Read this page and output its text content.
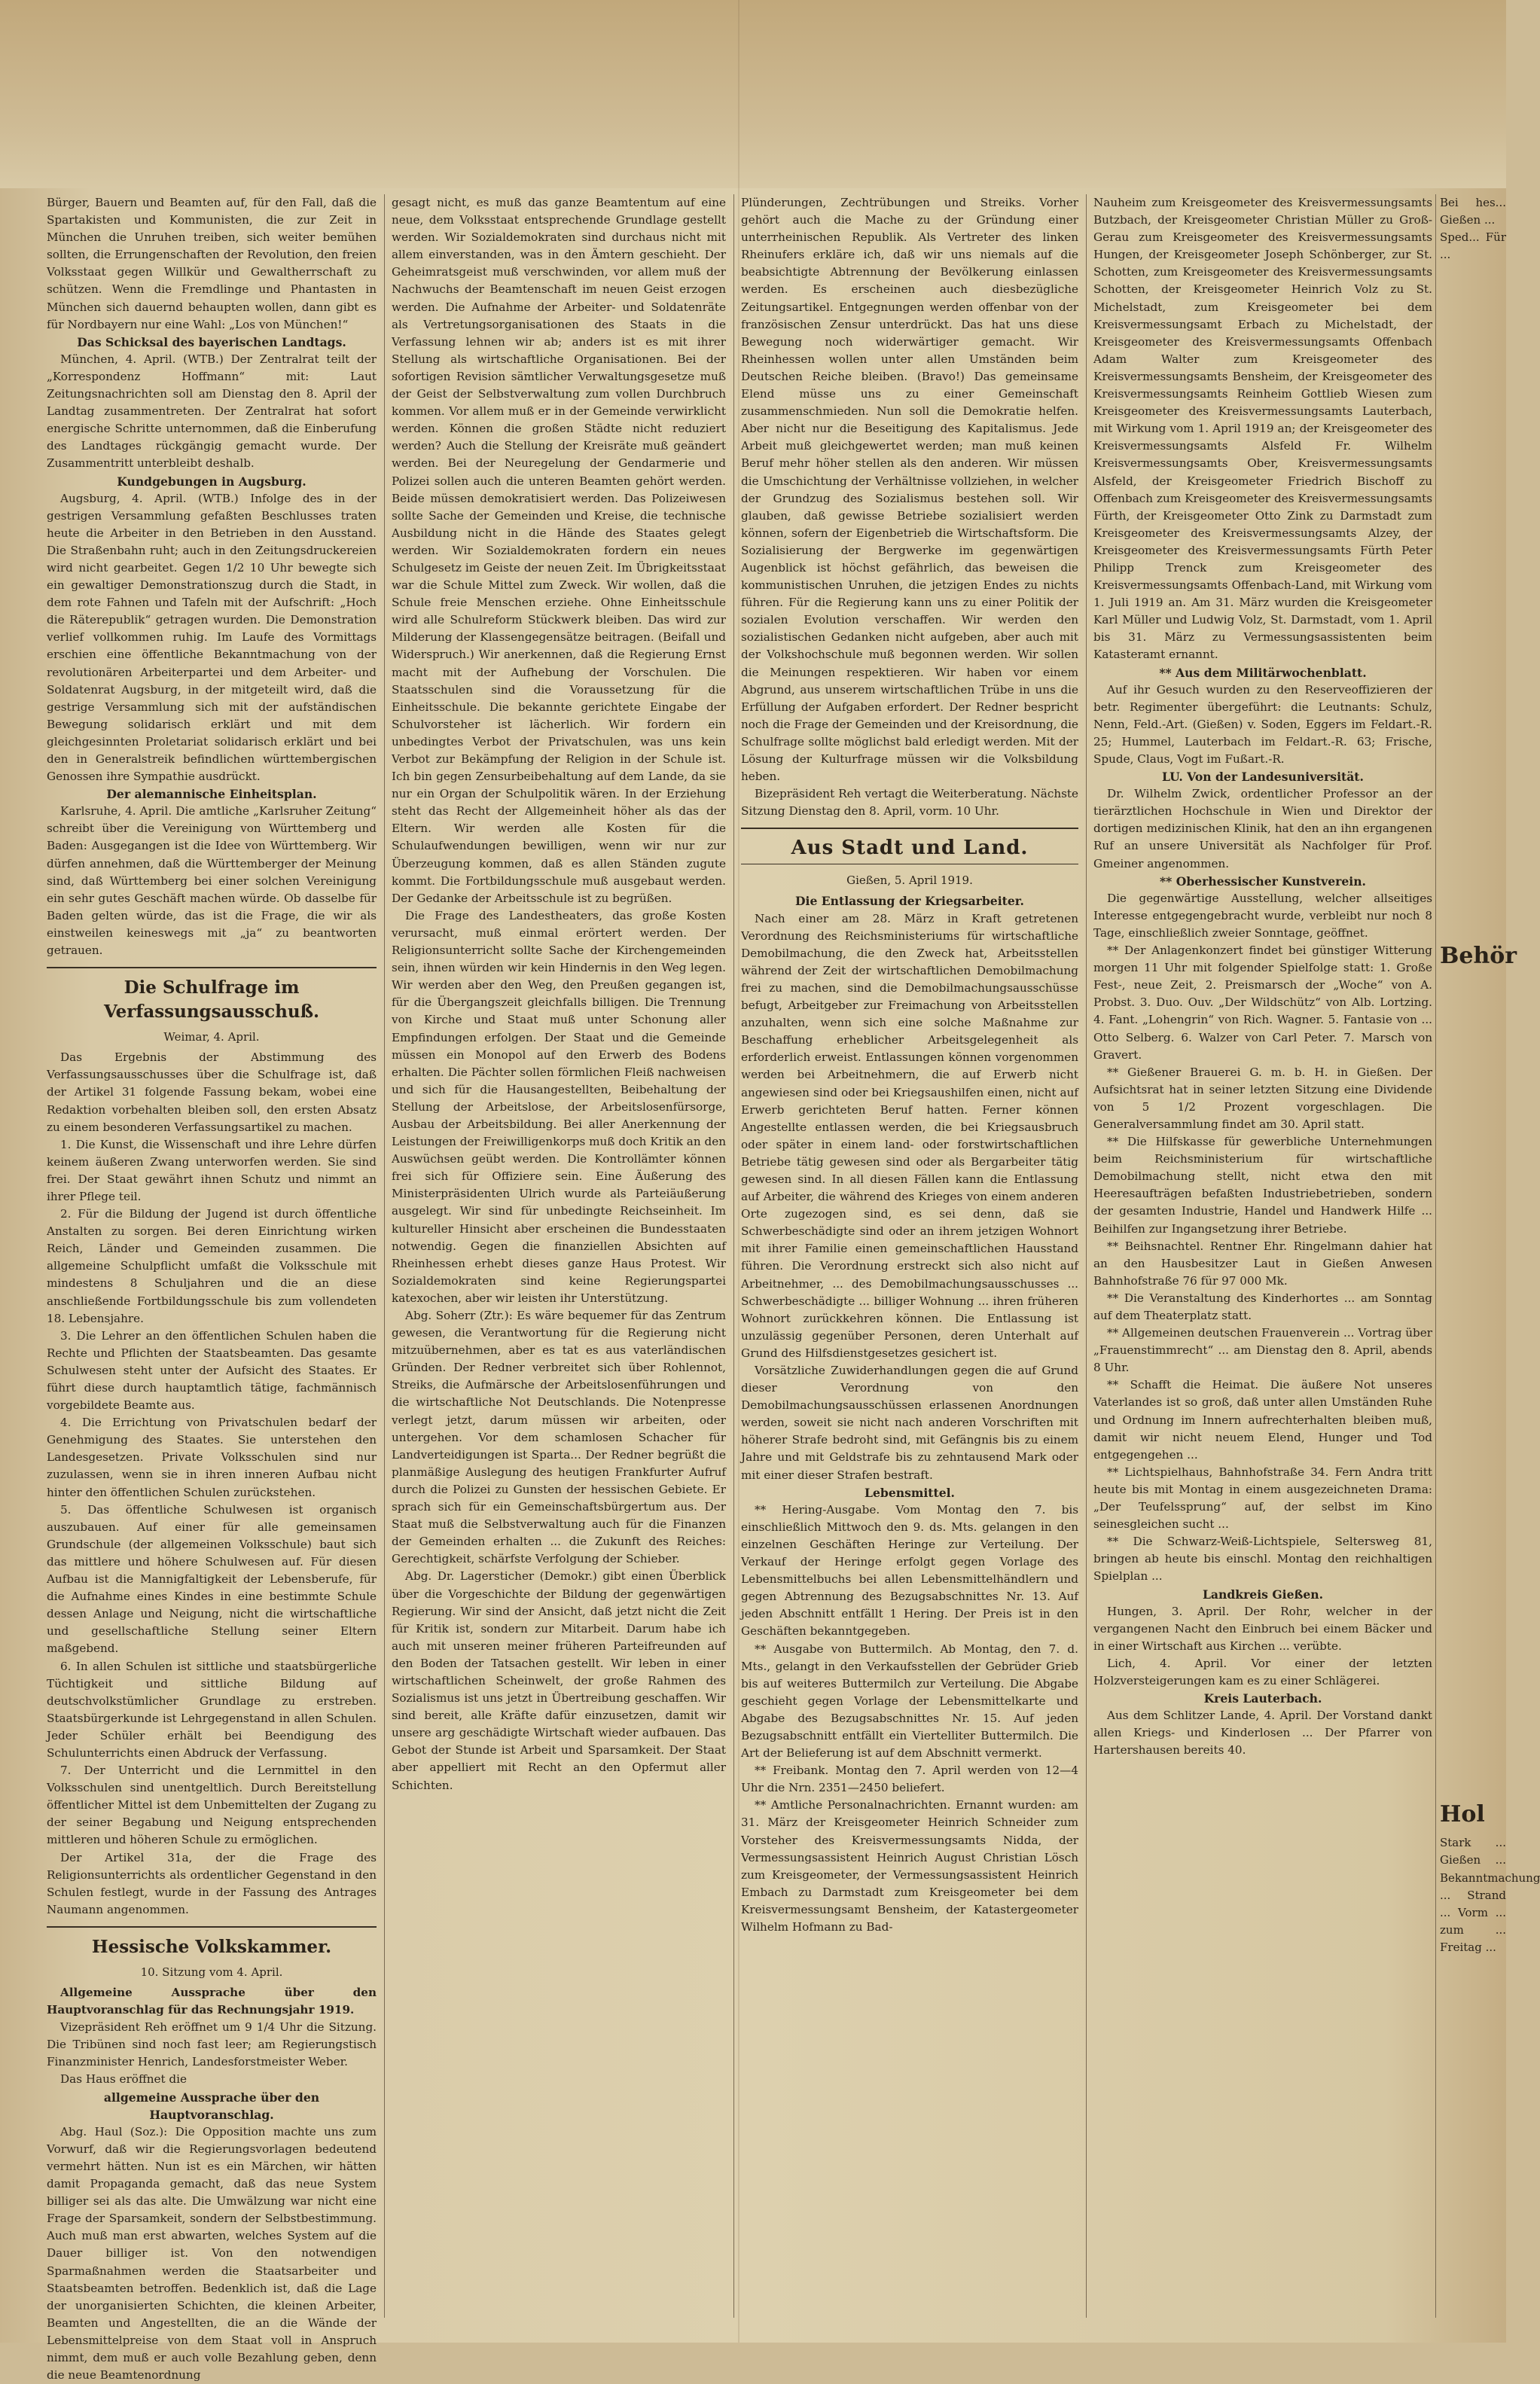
Bürger, Bauern und Beamten auf, für den Fall, daß die Spartakisten und Kommunisten, die zur Zeit in München die Unruhen treiben, sich weiter bemühen sollten, die Errungenschaften der Revolution, den freien Volksstaat gegen Willkür und Gewaltherrschaft zu schützen. Wenn die Fremdlinge und Phantasten in München sich dauernd behaupten wollen, dann gibt es für Nordbayern nur eine Wahl: „Los von München!“

Das Schicksal des bayerischen Landtags.

München, 4. April. (WTB.) Der Zentralrat teilt der „Korrespondenz Hoffmann“ mit: Laut Zeitungsnachrichten soll am Dienstag den 8. April der Landtag zusammentreten. Der Zentralrat hat sofort energische Schritte unternommen, daß die Einberufung des Landtages rückgängig gemacht wurde. Der Zusammentritt unterbleibt deshalb.

Kundgebungen in Augsburg.

Augsburg, 4. April. (WTB.) Infolge des in der gestrigen Versammlung gefaßten Beschlusses traten heute die Arbeiter in den Betrieben in den Ausstand. Die Straßenbahn ruht; auch in den Zeitungsdruckereien wird nicht gearbeitet. Gegen 1/2 10 Uhr bewegte sich ein gewaltiger Demonstrationszug durch die Stadt, in dem rote Fahnen und Tafeln mit der Aufschrift: „Hoch die Räterepublik“ getragen wurden. Die Demonstration verlief vollkommen ruhig. Im Laufe des Vormittags erschien eine öffentliche Bekanntmachung von der revolutionären Arbeiterpartei und dem Arbeiter- und Soldatenrat Augsburg, in der mitgeteilt wird, daß die gestrige Versammlung sich mit der aufständischen Bewegung solidarisch erklärt und mit dem gleichgesinnten Proletariat solidarisch erklärt und bei den in Generalstreik befindlichen württembergischen Genossen ihre Sympathie ausdrückt.

Der alemannische Einheitsplan.

Karlsruhe, 4. April. Die amtliche „Karlsruher Zeitung“ schreibt über die Vereinigung von Württemberg und Baden: Ausgegangen ist die Idee von Württemberg. Wir dürfen annehmen, daß die Württemberger der Meinung sind, daß Württemberg bei einer solchen Vereinigung ein sehr gutes Geschäft machen würde. Ob dasselbe für Baden gelten würde, das ist die Frage, die wir als einstweilen keineswegs mit „ja“ zu beantworten getrauen.

Die Schulfrage im Verfassungsausschuß.
Weimar, 4. April.

Das Ergebnis der Abstimmung des Verfassungsausschusses über die Schulfrage ist, daß der Artikel 31 folgende Fassung bekam, wobei eine Redaktion vorbehalten bleiben soll, den ersten Absatz zu einem besonderen Verfassungsartikel zu machen.

1. Die Kunst, die Wissenschaft und ihre Lehre dürfen keinem äußeren Zwang unterworfen werden. Sie sind frei. Der Staat gewährt ihnen Schutz und nimmt an ihrer Pflege teil.

2. Für die Bildung der Jugend ist durch öffentliche Anstalten zu sorgen. Bei deren Einrichtung wirken Reich, Länder und Gemeinden zusammen. Die allgemeine Schulpflicht umfaßt die Volksschule mit mindestens 8 Schuljahren und die an diese anschließende Fortbildungsschule bis zum vollendeten 18. Lebensjahre.

3. Die Lehrer an den öffentlichen Schulen haben die Rechte und Pflichten der Staatsbeamten. Das gesamte Schulwesen steht unter der Aufsicht des Staates. Er führt diese durch hauptamtlich tätige, fachmännisch vorgebildete Beamte aus.

4. Die Errichtung von Privatschulen bedarf der Genehmigung des Staates. Sie unterstehen den Landesgesetzen. Private Volksschulen sind nur zuzulassen, wenn sie in ihren inneren Aufbau nicht hinter den öffentlichen Schulen zurückstehen.

5. Das öffentliche Schulwesen ist organisch auszubauen. Auf einer für alle gemeinsamen Grundschule (der allgemeinen Volksschule) baut sich das mittlere und höhere Schulwesen auf. Für diesen Aufbau ist die Mannigfaltigkeit der Lebensberufe, für die Aufnahme eines Kindes in eine bestimmte Schule dessen Anlage und Neigung, nicht die wirtschaftliche und gesellschaftliche Stellung seiner Eltern maßgebend.

6. In allen Schulen ist sittliche und staatsbürgerliche Tüchtigkeit und sittliche Bildung auf deutschvolkstümlicher Grundlage zu erstreben. Staatsbürgerkunde ist Lehrgegenstand in allen Schulen. Jeder Schüler erhält bei Beendigung des Schulunterrichts einen Abdruck der Verfassung.

7. Der Unterricht und die Lernmittel in den Volksschulen sind unentgeltlich. Durch Bereitstellung öffentlicher Mittel ist dem Unbemittelten der Zugang zu der seiner Begabung und Neigung entsprechenden mittleren und höheren Schule zu ermöglichen.

Der Artikel 31a, der die Frage des Religionsunterrichts als ordentlicher Gegenstand in den Schulen festlegt, wurde in der Fassung des Antrages Naumann angenommen.

Hessische Volkskammer.
10. Sitzung vom 4. April.

Allgemeine Aussprache über den Hauptvoranschlag für das Rechnungsjahr 1919.

Vizepräsident Reh eröffnet um 9 1/4 Uhr die Sitzung. Die Tribünen sind noch fast leer; am Regierungstisch Finanzminister Henrich, Landesforstmeister Weber.

Das Haus eröffnet die

allgemeine Aussprache über den Hauptvoranschlag.

Abg. Haul (Soz.): Die Opposition machte uns zum Vorwurf, daß wir die Regierungsvorlagen bedeutend vermehrt hätten. Nun ist es ein Märchen, wir hätten damit Propaganda gemacht, daß das neue System billiger sei als das alte. Die Umwälzung war nicht eine Frage der Sparsamkeit, sondern der Selbstbestimmung. Auch muß man erst abwarten, welches System auf die Dauer billiger ist. Von den notwendigen Sparmaßnahmen werden die Staatsarbeiter und Staatsbeamten betroffen. Bedenklich ist, daß die Lage der unorganisierten Schichten, die kleinen Arbeiter, Beamten und Angestellten, die an die Wände der Lebensmittelpreise von dem Staat voll in Anspruch nimmt, dem muß er auch volle Bezahlung geben, denn die neue Beamtenordnung

gesagt nicht, es muß das ganze Beamtentum auf eine neue, dem Volksstaat entsprechende Grundlage gestellt werden. Wir Sozialdemokraten sind durchaus nicht mit allem einverstanden, was in den Ämtern geschieht. Der Geheimratsgeist muß verschwinden, vor allem muß der Nachwuchs der Beamtenschaft im neuen Geist erzogen werden. Die Aufnahme der Arbeiter- und Soldatenräte als Vertretungsorganisationen des Staats in die Verfassung lehnen wir ab; anders ist es mit ihrer Stellung als wirtschaftliche Organisationen. Bei der sofortigen Revision sämtlicher Verwaltungsgesetze muß der Geist der Selbstverwaltung zum vollen Durchbruch kommen. Vor allem muß er in der Gemeinde verwirklicht werden. Können die großen Städte nicht reduziert werden? Auch die Stellung der Kreisräte muß geändert werden. Bei der Neuregelung der Gendarmerie und Polizei sollen auch die unteren Beamten gehört werden. Beide müssen demokratisiert werden. Das Polizeiwesen sollte Sache der Gemeinden und Kreise, die technische Ausbildung nicht in die Hände des Staates gelegt werden. Wir Sozialdemokraten fordern ein neues Schulgesetz im Geiste der neuen Zeit. Im Übrigkeitsstaat war die Schule Mittel zum Zweck. Wir wollen, daß die Schule freie Menschen erziehe. Ohne Einheitsschule wird alle Schulreform Stückwerk bleiben. Das wird zur Milderung der Klassengegensätze beitragen. (Beifall und Widerspruch.) Wir anerkennen, daß die Regierung Ernst macht mit der Aufhebung der Vorschulen. Die Staatsschulen sind die Voraussetzung für die Einheitsschule. Die bekannte gerichtete Eingabe der Schulvorsteher ist lächerlich. Wir fordern ein unbedingtes Verbot der Privatschulen, was uns kein Verbot zur Bekämpfung der Religion in der Schule ist. Ich bin gegen Zensurbeibehaltung auf dem Lande, da sie nur ein Organ der Schulpolitik wären. In der Erziehung steht das Recht der Allgemeinheit höher als das der Eltern. Wir werden alle Kosten für die Schulaufwendungen bewilligen, wenn wir nur zur Überzeugung kommen, daß es allen Ständen zugute kommt. Die Fortbildungsschule muß ausgebaut werden. Der Gedanke der Arbeitsschule ist zu begrüßen.

Die Frage des Landestheaters, das große Kosten verursacht, muß einmal erörtert werden. Der Religionsunterricht sollte Sache der Kirchengemeinden sein, ihnen würden wir kein Hindernis in den Weg legen. Wir werden aber den Weg, den Preußen gegangen ist, für die Übergangszeit gleichfalls billigen. Die Trennung von Kirche und Staat muß unter Schonung aller Empfindungen erfolgen. Der Staat und die Gemeinde müssen ein Monopol auf den Erwerb des Bodens erhalten. Die Pächter sollen förmlichen Fleiß nachweisen und sich für die Hausangestellten, Beibehaltung der Stellung der Arbeitslose, der Arbeitslosenfürsorge, Ausbau der Arbeitsbildung. Bei aller Anerkennung der Leistungen der Freiwilligenkorps muß doch Kritik an den Auswüchsen geübt werden. Die Kontrollämter können frei sich für Offiziere sein. Eine Äußerung des Ministerpräsidenten Ulrich wurde als Parteiäußerung ausgelegt. Wir sind für unbedingte Reichseinheit. Im kultureller Hinsicht aber erscheinen die Bundesstaaten notwendig. Gegen die finanziellen Absichten auf Rheinhessen erhebt dieses ganze Haus Protest. Wir Sozialdemokraten sind keine Regierungspartei katexochen, aber wir leisten ihr Unterstützung.

Abg. Soherr (Ztr.): Es wäre bequemer für das Zentrum gewesen, die Verantwortung für die Regierung nicht mitzuübernehmen, aber es tat es aus vaterländischen Gründen. Der Redner verbreitet sich über Rohlennot, Streiks, die Aufmärsche der Arbeitslosenführungen und die wirtschaftliche Not Deutschlands. Die Notenpresse verlegt jetzt, darum müssen wir arbeiten, oder untergehen. Vor dem schamlosen Schacher für Landverteidigungen ist Sparta... Der Redner begrüßt die planmäßige Auslegung des heutigen Frankfurter Aufruf durch die Polizei zu Gunsten der hessischen Gebiete. Er sprach sich für ein Gemeinschaftsbürgertum aus. Der Staat muß die Selbstverwaltung auch für die Finanzen der Gemeinden erhalten ... die Zukunft des Reiches: Gerechtigkeit, schärfste Verfolgung der Schieber.

Abg. Dr. Lagersticher (Demokr.) gibt einen Überblick über die Vorgeschichte der Bildung der gegenwärtigen Regierung. Wir sind der Ansicht, daß jetzt nicht die Zeit für Kritik ist, sondern zur Mitarbeit. Darum habe ich auch mit unseren meiner früheren Parteifreunden auf den Boden der Tatsachen gestellt. Wir leben in einer wirtschaftlichen Scheinwelt, der große Rahmen des Sozialismus ist uns jetzt in Übertreibung geschaffen. Wir sind bereit, alle Kräfte dafür einzusetzen, damit wir unsere arg geschädigte Wirtschaft wieder aufbauen. Das Gebot der Stunde ist Arbeit und Sparsamkeit. Der Staat aber appelliert mit Recht an den Opfermut aller Schichten.

Plünderungen, Zechtrübungen und Streiks. Vorher gehört auch die Mache zu der Gründung einer unterrheinischen Republik. Als Vertreter des linken Rheinufers erkläre ich, daß wir uns niemals auf die beabsichtigte Abtrennung der Bevölkerung einlassen werden. Es erscheinen auch diesbezügliche Zeitungsartikel. Entgegnungen werden offenbar von der französischen Zensur unterdrückt. Das hat uns diese Bewegung noch widerwärtiger gemacht. Wir Rheinhessen wollen unter allen Umständen beim Deutschen Reiche bleiben. (Bravo!) Das gemeinsame Elend müsse uns zu einer Gemeinschaft zusammenschmieden. Nun soll die Demokratie helfen. Aber nicht nur die Beseitigung des Kapitalismus. Jede Arbeit muß gleichgewertet werden; man muß keinen Beruf mehr höher stellen als den anderen. Wir müssen die Umschichtung der Verhältnisse vollziehen, in welcher der Grundzug des Sozialismus bestehen soll. Wir glauben, daß gewisse Betriebe sozialisiert werden können, sofern der Eigenbetrieb die Wirtschaftsform. Die Sozialisierung der Bergwerke im gegenwärtigen Augenblick ist höchst gefährlich, das beweisen die kommunistischen Unruhen, die jetzigen Endes zu nichts führen. Für die Regierung kann uns zu einer Politik der sozialen Evolution verschaffen. Wir werden den sozialistischen Gedanken nicht aufgeben, aber auch mit der Volkshochschule muß begonnen werden. Wir sollen die Meinungen respektieren. Wir haben vor einem Abgrund, aus unserem wirtschaftlichen Trübe in uns die Erfüllung der Aufgaben erfordert. Der Redner bespricht noch die Frage der Gemeinden und der Kreisordnung, die Schulfrage sollte möglichst bald erledigt werden. Mit der Lösung der Kulturfrage müssen wir die Volksbildung heben.

Bizepräsident Reh vertagt die Weiterberatung. Nächste Sitzung Dienstag den 8. April, vorm. 10 Uhr.

Aus Stadt und Land.
Gießen, 5. April 1919.

Die Entlassung der Kriegsarbeiter.

Nach einer am 28. März in Kraft getretenen Verordnung des Reichsministeriums für wirtschaftliche Demobilmachung, die den Zweck hat, Arbeitsstellen während der Zeit der wirtschaftlichen Demobilmachung frei zu machen, sind die Demobilmachungsausschüsse befugt, Arbeitgeber zur Freimachung von Arbeitsstellen anzuhalten, wenn sich eine solche Maßnahme zur Beschaffung erheblicher Arbeitsgelegenheit als erforderlich erweist. Entlassungen können vorgenommen werden bei Arbeitnehmern, die auf Erwerb nicht angewiesen sind oder bei Kriegsaushilfen einen, nicht auf Erwerb gerichteten Beruf hatten. Ferner können Angestellte entlassen werden, die bei Kriegsausbruch oder später in einem land- oder forstwirtschaftlichen Betriebe tätig gewesen sind oder als Bergarbeiter tätig gewesen sind. In all diesen Fällen kann die Entlassung auf Arbeiter, die während des Krieges von einem anderen Orte zugezogen sind, es sei denn, daß sie Schwerbeschädigte sind oder an ihrem jetzigen Wohnort mit ihrer Familie einen gemeinschaftlichen Hausstand führen. Die Verordnung erstreckt sich also nicht auf Arbeitnehmer, ... des Demobilmachungsausschusses ... Schwerbeschädigte ... billiger Wohnung ... ihren früheren Wohnort zurückkehren können. Die Entlassung ist unzulässig gegenüber Personen, deren Unterhalt auf Grund des Hilfsdienstgesetzes gesichert ist.

Vorsätzliche Zuwiderhandlungen gegen die auf Grund dieser Verordnung von den Demobilmachungsausschüssen erlassenen Anordnungen werden, soweit sie nicht nach anderen Vorschriften mit höherer Strafe bedroht sind, mit Gefängnis bis zu einem Jahre und mit Geldstrafe bis zu zehntausend Mark oder mit einer dieser Strafen bestraft.

Lebensmittel.

** Hering-Ausgabe. Vom Montag den 7. bis einschließlich Mittwoch den 9. ds. Mts. gelangen in den einzelnen Geschäften Heringe zur Verteilung. Der Verkauf der Heringe erfolgt gegen Vorlage des Lebensmittelbuchs bei allen Lebensmittelhändlern und gegen Abtrennung des Bezugsabschnittes Nr. 13. Auf jeden Abschnitt entfällt 1 Hering. Der Preis ist in den Geschäften bekanntgegeben.

** Ausgabe von Buttermilch. Ab Montag, den 7. d. Mts., gelangt in den Verkaufsstellen der Gebrüder Grieb bis auf weiteres Buttermilch zur Verteilung. Die Abgabe geschieht gegen Vorlage der Lebensmittelkarte und Abgabe des Bezugsabschnittes Nr. 15. Auf jeden Bezugsabschnitt entfällt ein Viertelliter Buttermilch. Die Art der Belieferung ist auf dem Abschnitt vermerkt.

** Freibank. Montag den 7. April werden von 12—4 Uhr die Nrn. 2351—2450 beliefert.

** Amtliche Personalnachrichten. Ernannt wurden: am 31. März der Kreisgeometer Heinrich Schneider zum Vorsteher des Kreisvermessungsamts Nidda, der Vermessungsassistent Heinrich August Christian Lösch zum Kreisgeometer, der Vermessungsassistent Heinrich Embach zu Darmstadt zum Kreisgeometer bei dem Kreisvermessungsamt Bensheim, der Katastergeometer Wilhelm Hofmann zu Bad-

Nauheim zum Kreisgeometer des Kreisvermessungsamts Butzbach, der Kreisgeometer Christian Müller zu Groß-Gerau zum Kreisgeometer des Kreisvermessungsamts Hungen, der Kreisgeometer Joseph Schönberger, zur St. Schotten, zum Kreisgeometer des Kreisvermessungsamts Schotten, der Kreisgeometer Heinrich Volz zu St. Michelstadt, zum Kreisgeometer bei dem Kreisvermessungsamt Erbach zu Michelstadt, der Kreisgeometer des Kreisvermessungsamts Offenbach Adam Walter zum Kreisgeometer des Kreisvermessungsamts Bensheim, der Kreisgeometer des Kreisvermessungsamts Reinheim Gottlieb Wiesen zum Kreisgeometer des Kreisvermessungsamts Lauterbach, mit Wirkung vom 1. April 1919 an; der Kreisgeometer des Kreisvermessungsamts Alsfeld Fr. Wilhelm Kreisvermessungsamts Ober, Kreisvermessungsamts Alsfeld, der Kreisgeometer Friedrich Bischoff zu Offenbach zum Kreisgeometer des Kreisvermessungsamts Fürth, der Kreisgeometer Otto Zink zu Darmstadt zum Kreisgeometer des Kreisvermessungsamts Alzey, der Kreisgeometer des Kreisvermessungsamts Fürth Peter Philipp Trenck zum Kreisgeometer des Kreisvermessungsamts Offenbach-Land, mit Wirkung vom 1. Juli 1919 an. Am 31. März wurden die Kreisgeometer Karl Müller und Ludwig Volz, St. Darmstadt, vom 1. April bis 31. März zu Vermessungsassistenten beim Katasteramt ernannt.

** Aus dem Militärwochenblatt.

Auf ihr Gesuch wurden zu den Reserveoffizieren der betr. Regimenter übergeführt: die Leutnants: Schulz, Nenn, Feld.-Art. (Gießen) v. Soden, Eggers im Feldart.-R. 25; Hummel, Lauterbach im Feldart.-R. 63; Frische, Spude, Claus, Vogt im Fußart.-R.

LU. Von der Landesuniversität.

Dr. Wilhelm Zwick, ordentlicher Professor an der tierärztlichen Hochschule in Wien und Direktor der dortigen medizinischen Klinik, hat den an ihn ergangenen Ruf an unsere Universität als Nachfolger für Prof. Gmeiner angenommen.

** Oberhessischer Kunstverein.

Die gegenwärtige Ausstellung, welcher allseitiges Interesse entgegengebracht wurde, verbleibt nur noch 8 Tage, einschließlich zweier Sonntage, geöffnet.

** Der Anlagenkonzert findet bei günstiger Witterung morgen 11 Uhr mit folgender Spielfolge statt: 1. Große Fest-, neue Zeit, 2. Preismarsch der „Woche“ von A. Probst. 3. Duo. Ouv. „Der Wildschütz“ von Alb. Lortzing. 4. Fant. „Lohengrin“ von Rich. Wagner. 5. Fantasie von ... Otto Selberg. 6. Walzer von Carl Peter. 7. Marsch von Gravert.

** Gießener Brauerei G. m. b. H. in Gießen. Der Aufsichtsrat hat in seiner letzten Sitzung eine Dividende von 5 1/2 Prozent vorgeschlagen. Die Generalversammlung findet am 30. April statt.

** Die Hilfskasse für gewerbliche Unternehmungen beim Reichsministerium für wirtschaftliche Demobilmachung stellt, nicht etwa den mit Heeresaufträgen befaßten Industriebetrieben, sondern der gesamten Industrie, Handel und Handwerk Hilfe ... Beihilfen zur Ingangsetzung ihrer Betriebe.

** Beihsnachtel. Rentner Ehr. Ringelmann dahier hat an den Hausbesitzer Laut in Gießen Anwesen Bahnhofstraße 76 für 97 000 Mk.

** Die Veranstaltung des Kinderhortes ... am Sonntag auf dem Theaterplatz statt.

** Allgemeinen deutschen Frauenverein ... Vortrag über „Frauenstimmrecht“ ... am Dienstag den 8. April, abends 8 Uhr.

** Schafft die Heimat. Die äußere Not unseres Vaterlandes ist so groß, daß unter allen Umständen Ruhe und Ordnung im Innern aufrechterhalten bleiben muß, damit wir nicht neuem Elend, Hunger und Tod entgegengehen ...

** Lichtspielhaus, Bahnhofstraße 34. Fern Andra tritt heute bis mit Montag in einem ausgezeichneten Drama: „Der Teufelssprung“ auf, der selbst im Kino seinesgleichen sucht ...

** Die Schwarz-Weiß-Lichtspiele, Seltersweg 81, bringen ab heute bis einschl. Montag den reichhaltigen Spielplan ...

Landkreis Gießen.

Hungen, 3. April. Der Rohr, welcher in der vergangenen Nacht den Einbruch bei einem Bäcker und in einer Wirtschaft aus Kirchen ... verübte.

Lich, 4. April. Vor einer der letzten Holzversteigerungen kam es zu einer Schlägerei.

Kreis Lauterbach.

Aus dem Schlitzer Lande, 4. April. Der Vorstand dankt allen Kriegs- und Kinderlosen ... Der Pfarrer von Hartershausen bereits 40.

Bei hes... Gießen ...

Sped... Für ...

Behör
Hol

Stark ... Gießen ... Bekanntmachung ... Strand ... Vorm ... zum ... Freitag ...
